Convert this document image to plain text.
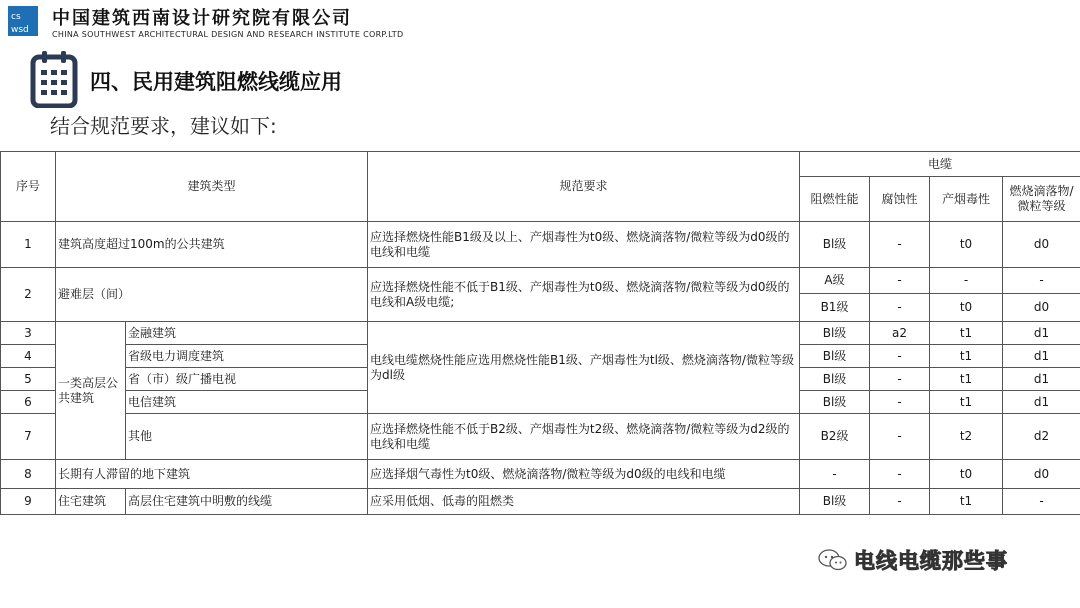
cs
wsd
中国建筑西南设计研究院有限公司
CHINA SOUTHWEST ARCHITECTURAL DESIGN AND RESEARCH INSTITUTE CORP.LTD
四、民用建筑阻燃线缆应用
结合规范要求，建议如下:
序号	建筑类型		规范要求	电缆			
				阻燃性能	腐蚀性	产烟毒性	燃烧滴落物/微粒等级
1	建筑高度超过100m的公共建筑		应选择燃烧性能B1级及以上、产烟毒性为t0级、燃烧滴落物/微粒等级为d0级的电线和电缆	Bl级	-	t0	d0
2	避难层（间）		应选择燃烧性能不低于B1级、产烟毒性为t0级、燃烧滴落物/微粒等级为d0级的电线和A级电缆;	A级	-	-	-
				B1级	-	t0	d0
3	一类高层公共建筑	金融建筑	电线电缆燃烧性能应选用燃烧性能B1级、产烟毒性为tl级、燃烧滴落物/微粒等级为dl级	Bl级	a2	t1	d1
4		省级电力调度建筑		Bl级	-	t1	d1
5		省（市）级广播电视		Bl级	-	t1	d1
6		电信建筑		Bl级	-	t1	d1
7		其他	应选择燃烧性能不低于B2级、产烟毒性为t2级、燃烧滴落物/微粒等级为d2级的电线和电缆	B2级	-	t2	d2
8	长期有人滞留的地下建筑		应选择烟气毒性为t0级、燃烧滴落物/微粒等级为d0级的电线和电缆	-	-	t0	d0
9	住宅建筑	高层住宅建筑中明敷的线缆	应采用低烟、低毒的阻燃类	Bl级	-	t1	-
电线电缆那些事
